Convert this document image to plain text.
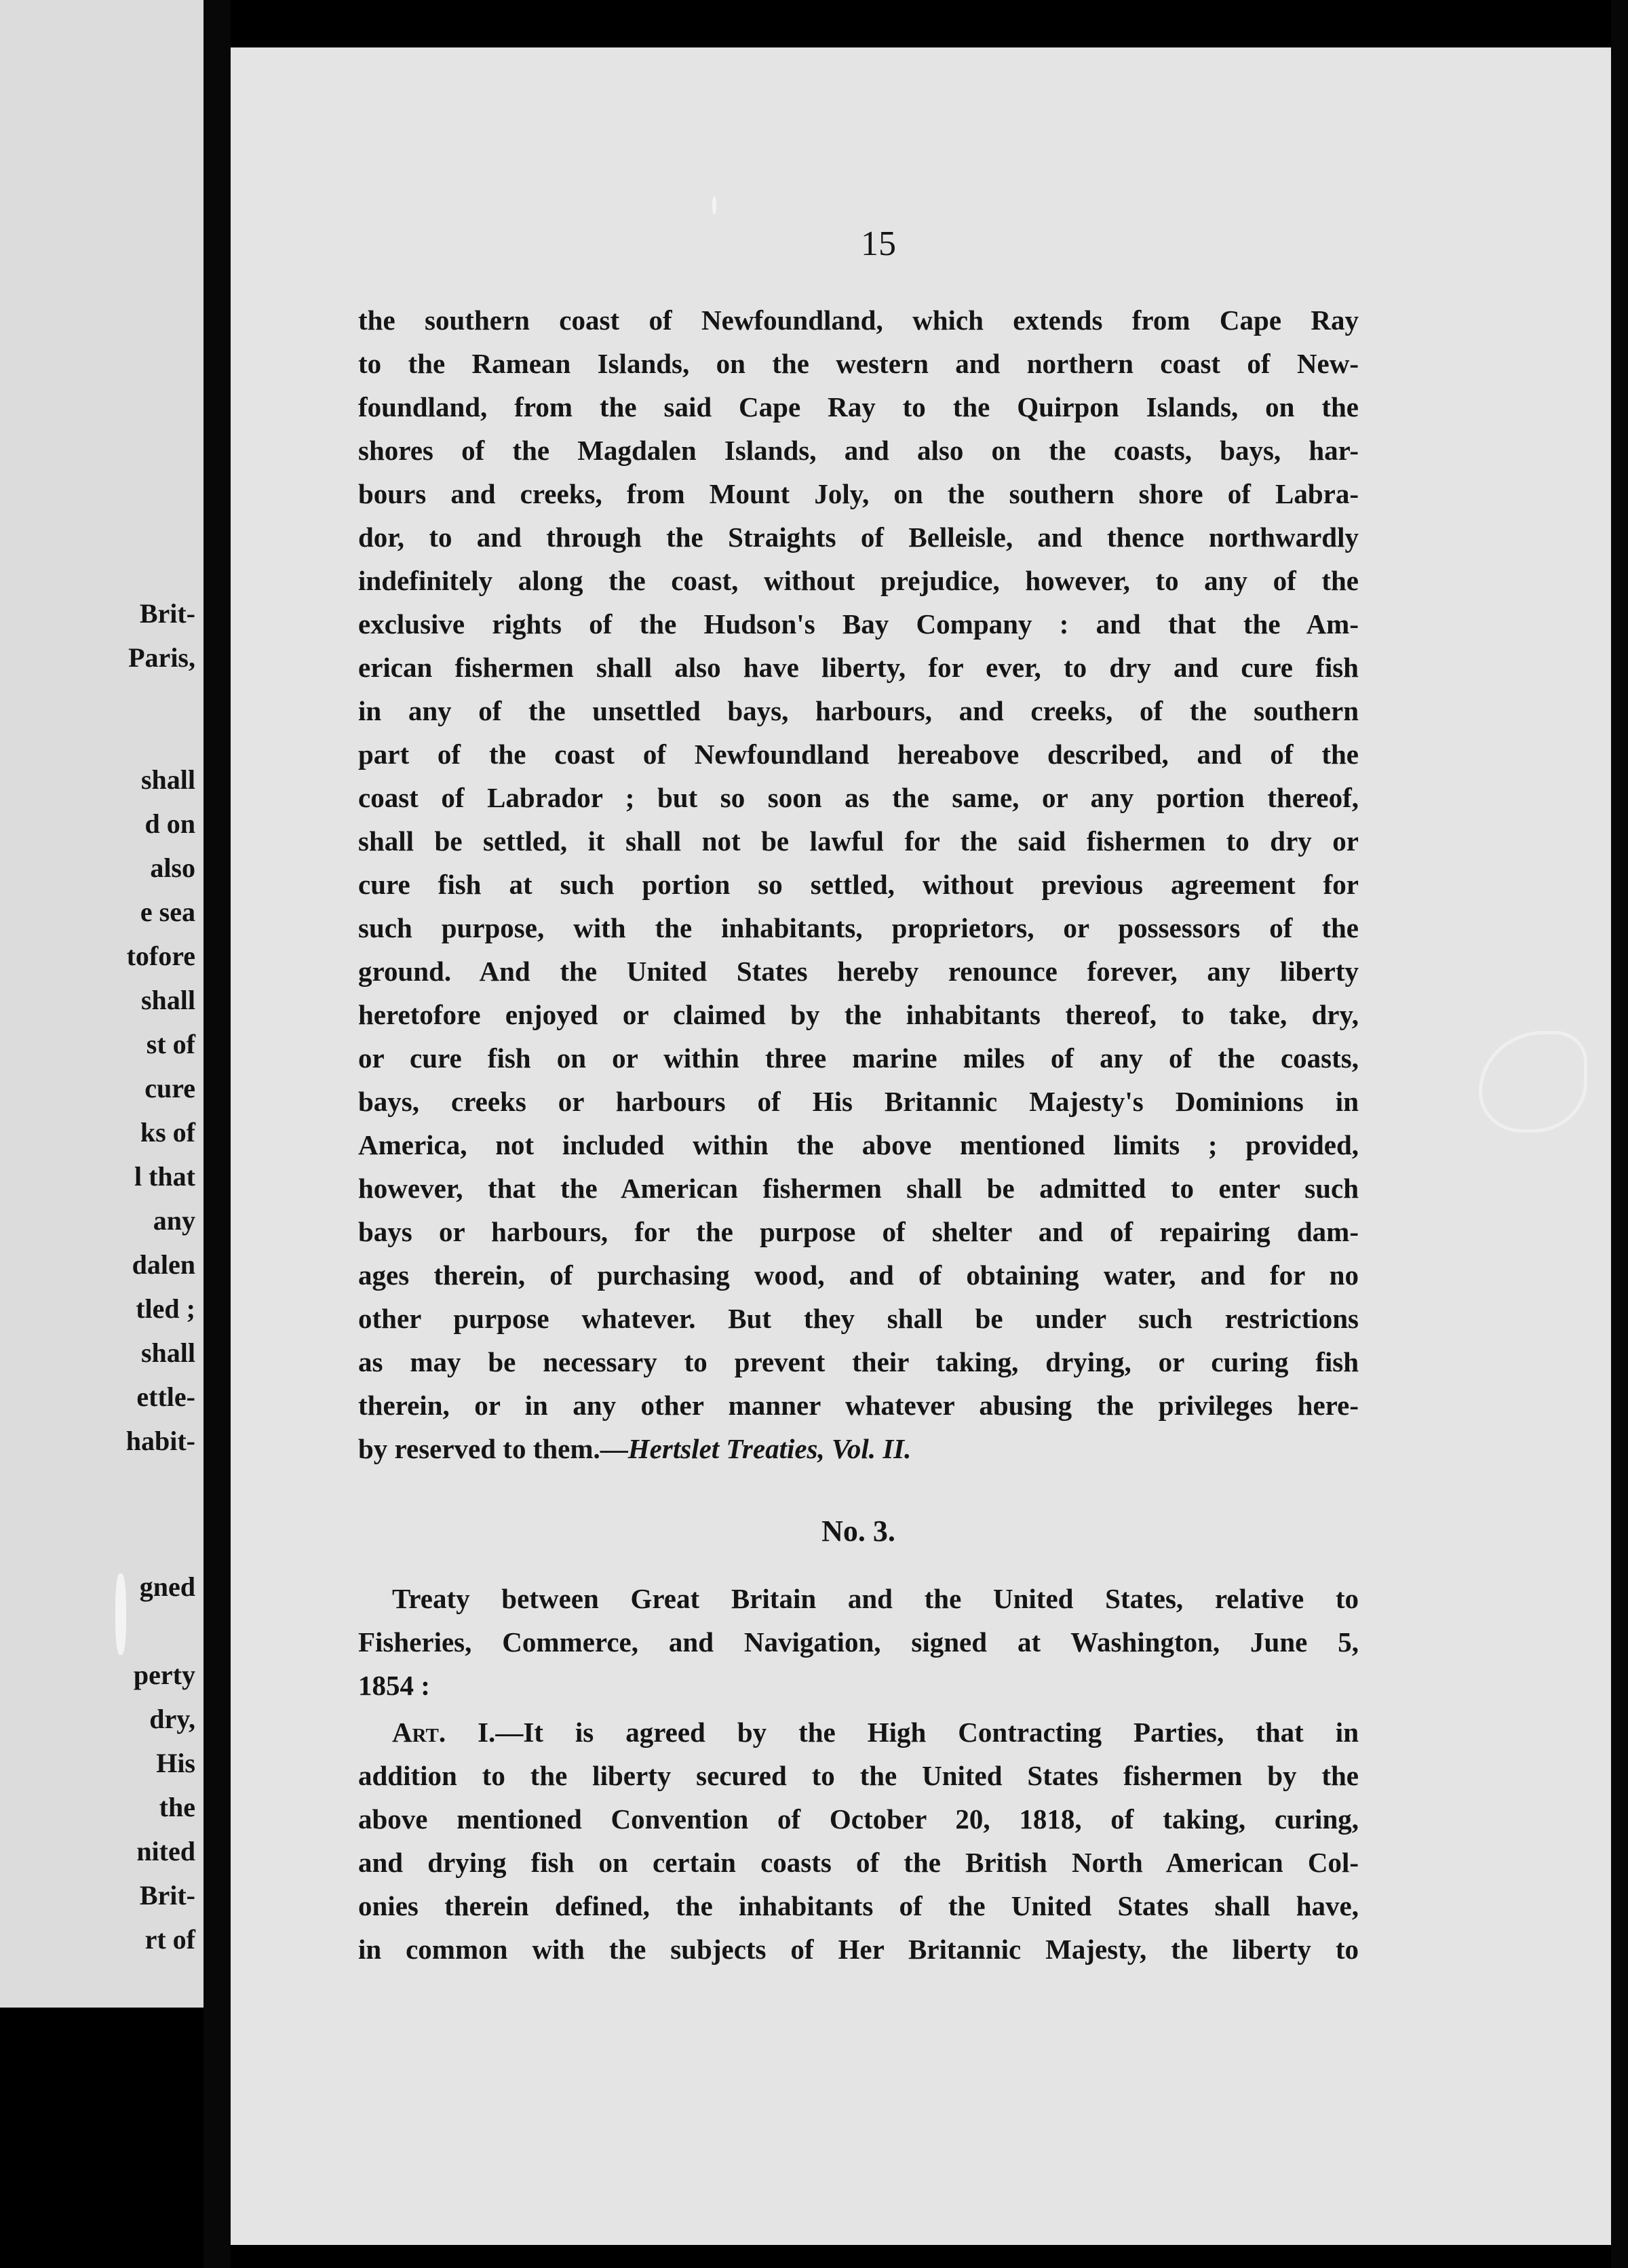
Brit-
Paris,
shall
d on
also
e sea
tofore
shall
st of
cure
ks of
l that
any
dalen
tled ;
shall
ettle-
habit-
gned
perty
dry,
His
the
nited
Brit-
rt of
15
the southern coast of Newfoundland, which extends from Cape Ray
to the Ramean Islands, on the western and northern coast of New-
foundland, from the said Cape Ray to the Quirpon Islands, on the
shores of the Magdalen Islands, and also on the coasts, bays, har-
bours and creeks, from Mount Joly, on the southern shore of Labra-
dor, to and through the Straights of Belleisle, and thence northwardly
indefinitely along the coast, without prejudice, however, to any of the
exclusive rights of the Hudson's Bay Company : and that the Am-
erican fishermen shall also have liberty, for ever, to dry and cure fish
in any of the unsettled bays, harbours, and creeks, of the southern
part of the coast of Newfoundland hereabove described, and of the
coast of Labrador ; but so soon as the same, or any portion thereof,
shall be settled, it shall not be lawful for the said fishermen to dry or
cure fish at such portion so settled, without previous agreement for
such purpose, with the inhabitants, proprietors, or possessors of the
ground. And the United States hereby renounce forever, any liberty
heretofore enjoyed or claimed by the inhabitants thereof, to take, dry,
or cure fish on or within three marine miles of any of the coasts,
bays, creeks or harbours of His Britannic Majesty's Dominions in
America, not included within the above mentioned limits ; provided,
however, that the American fishermen shall be admitted to enter such
bays or harbours, for the purpose of shelter and of repairing dam-
ages therein, of purchasing wood, and of obtaining water, and for no
other purpose whatever. But they shall be under such restrictions
as may be necessary to prevent their taking, drying, or curing fish
therein, or in any other manner whatever abusing the privileges here-
by reserved to them.—Hertslet Treaties, Vol. II.
No. 3.
Treaty between Great Britain and the United States, relative to
Fisheries, Commerce, and Navigation, signed at Washington, June 5,
1854 :
Art. I.—It is agreed by the High Contracting Parties, that in
addition to the liberty secured to the United States fishermen by the
above mentioned Convention of October 20, 1818, of taking, curing,
and drying fish on certain coasts of the British North American Col-
onies therein defined, the inhabitants of the United States shall have,
in common with the subjects of Her Britannic Majesty, the liberty to
